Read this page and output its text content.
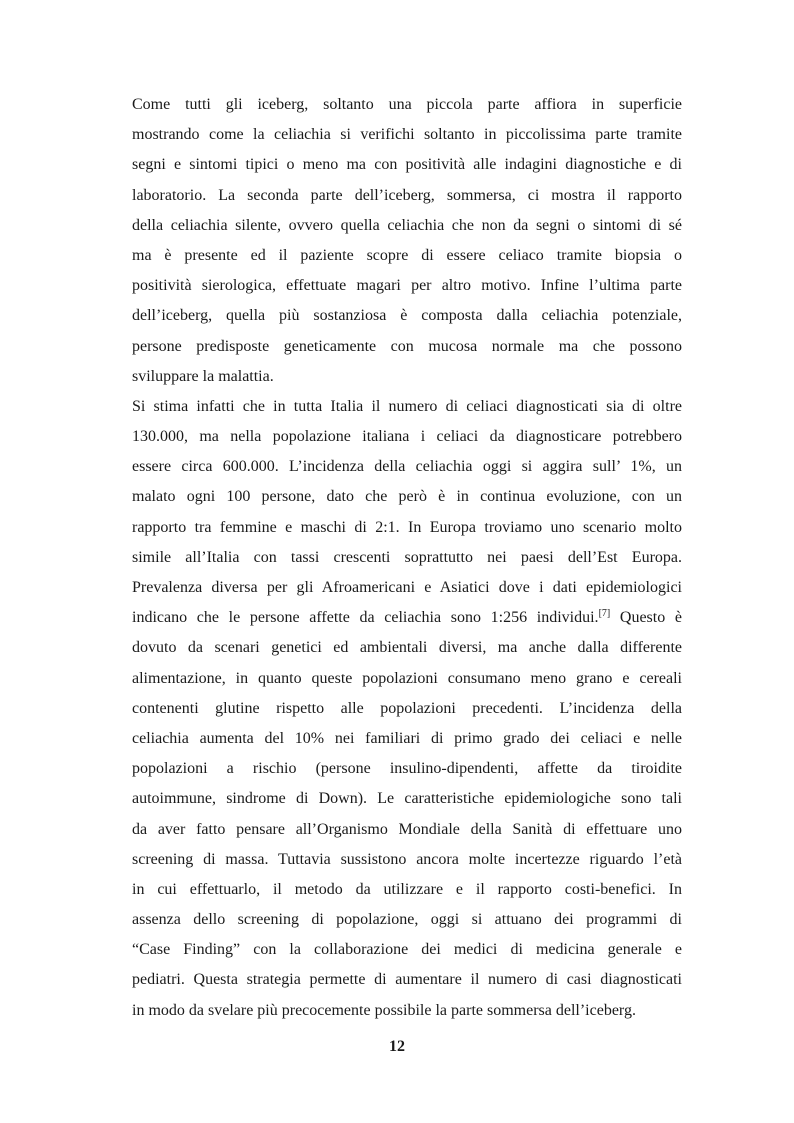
Come tutti gli iceberg, soltanto una piccola parte affiora in superficie
mostrando come la celiachia si verifichi soltanto in piccolissima parte tramite
segni e sintomi tipici o meno ma con positività alle indagini diagnostiche e di
laboratorio. La seconda parte dell’iceberg, sommersa, ci mostra il rapporto
della celiachia silente, ovvero quella celiachia che non da segni o sintomi di sé
ma è presente ed il paziente scopre di essere celiaco tramite biopsia o
positività sierologica, effettuate magari per altro motivo. Infine l’ultima parte
dell’iceberg, quella più sostanziosa è composta dalla celiachia potenziale,
persone predisposte geneticamente con mucosa normale ma che possono
sviluppare la malattia.
Si stima infatti che in tutta Italia il numero di celiaci diagnosticati sia di oltre
130.000, ma nella popolazione italiana i celiaci da diagnosticare potrebbero
essere circa 600.000. L’incidenza della celiachia oggi si aggira sull’ 1%, un
malato ogni 100 persone, dato che però è in continua evoluzione, con un
rapporto tra femmine e maschi di 2:1. In Europa troviamo uno scenario molto
simile all’Italia con tassi crescenti soprattutto nei paesi dell’Est Europa.
Prevalenza diversa per gli Afroamericani e Asiatici dove i dati epidemiologici
indicano che le persone affette da celiachia sono 1:256 individui.[7] Questo è
dovuto da scenari genetici ed ambientali diversi, ma anche dalla differente
alimentazione, in quanto queste popolazioni consumano meno grano e cereali
contenenti glutine rispetto alle popolazioni precedenti. L’incidenza della
celiachia aumenta del 10% nei familiari di primo grado dei celiaci e nelle
popolazioni a rischio (persone insulino-dipendenti, affette da tiroidite
autoimmune, sindrome di Down). Le caratteristiche epidemiologiche sono tali
da aver fatto pensare all’Organismo Mondiale della Sanità di effettuare uno
screening di massa. Tuttavia sussistono ancora molte incertezze riguardo l’età
in cui effettuarlo, il metodo da utilizzare e il rapporto costi-benefici. In
assenza dello screening di popolazione, oggi si attuano dei programmi di
“Case Finding” con la collaborazione dei medici di medicina generale e
pediatri. Questa strategia permette di aumentare il numero di casi diagnosticati
in modo da svelare più precocemente possibile la parte sommersa dell’iceberg.
12
